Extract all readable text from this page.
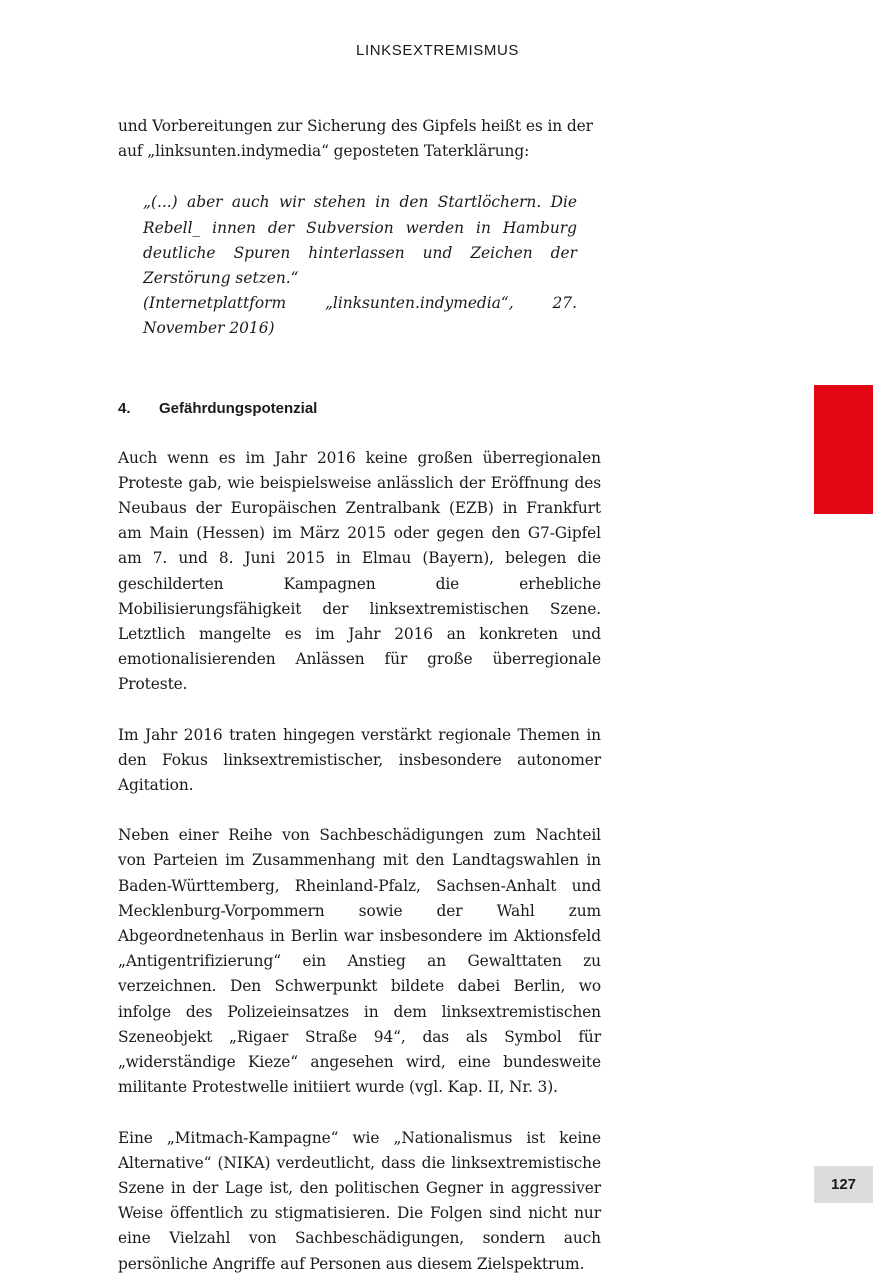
LINKSEXTREMISMUS

und Vorbereitungen zur Sicherung des Gipfels heißt es in der auf „linksunten.indymedia“ geposteten Taterklärung:

„(...) aber auch wir stehen in den Startlöchern. Die Rebell_ innen der Subversion werden in Hamburg deutliche Spuren hinterlassen und Zeichen der Zerstörung setzen.“

(Internetplattform „linksunten.indymedia“, 27. November 2016)

4.	Gefährdungspotenzial

Auch wenn es im Jahr 2016 keine großen überregionalen Proteste gab, wie beispielsweise anlässlich der Eröffnung des Neubaus der Europäischen Zentralbank (EZB) in Frankfurt am Main (Hessen) im März 2015 oder gegen den G7-Gipfel am 7. und 8. Juni 2015 in Elmau (Bayern), belegen die geschilderten Kampagnen die erhebliche Mobilisierungsfähigkeit der linksextremistischen Szene. Letztlich mangelte es im Jahr 2016 an konkreten und emotionalisierenden Anlässen für große überregionale Proteste.

Im Jahr 2016 traten hingegen verstärkt regionale Themen in den Fokus linksextremistischer, insbesondere autonomer Agitation.

Neben einer Reihe von Sachbeschädigungen zum Nachteil von Parteien im Zusammenhang mit den Landtagswahlen in Baden-Württemberg, Rheinland-Pfalz, Sachsen-Anhalt und Mecklenburg-Vorpommern sowie der Wahl zum Abgeordnetenhaus in Berlin war insbesondere im Aktionsfeld „Antigentrifizierung“ ein Anstieg an Gewalttaten zu verzeichnen. Den Schwerpunkt bildete dabei Berlin, wo infolge des Polizeieinsatzes in dem linksextremistischen Szeneobjekt „Rigaer Straße 94“, das als Symbol für „widerständige Kieze“ angesehen wird, eine bundesweite militante Protestwelle initiiert wurde (vgl. Kap. II, Nr. 3).

Eine „Mitmach-Kampagne“ wie „Nationalismus ist keine Alternative“ (NIKA) verdeutlicht, dass die linksextremistische Szene in der Lage ist, den politischen Gegner in aggressiver Weise öffentlich zu stigmatisieren. Die Folgen sind nicht nur eine Vielzahl von Sachbeschädigungen, sondern auch persönliche Angriffe auf Personen aus diesem Zielspektrum.

127
